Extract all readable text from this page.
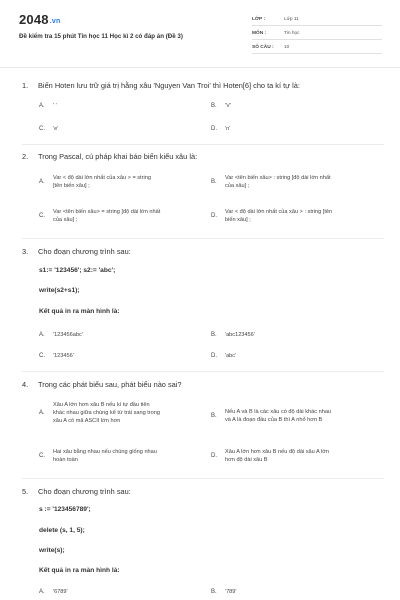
2048.vn
Đề kiểm tra 15 phút Tin học 11 Học kì 2 có đáp án (Đề 3)
LỚP :	Lớp 11
MÔN :	Tin học
SỐ CÂU : 10
1. Biến Hoten lưu trữ giá trị hằng xâu 'Nguyen Van Troi' thì Hoten[6] cho ta kí tự là:
A. ' '	B. 'V'
C. 'e'	D. 'n'
2. Trong Pascal, cú pháp khai báo biến kiểu xâu là:
A.
Var < độ dài lớn nhất của xâu > = string
[tên biến xâu] ;
B.
Var <tên biến xâu> : string [độ dài lớn nhất
của xâu] ;
C.
Var <tên biến xâu> = string [độ dài lớn nhất
của xâu] ;
D.
Var < độ dài lớn nhất của xâu > : string [tên
biến xâu] ;
3. Cho đoạn chương trình sau:
s1:= '123456'; s2:= 'abc';
write(s2+s1);
Kết quả in ra màn hình là:
A. '123456abc'	B. 'abc123456'
C. '123456'	D. 'abc'
4. Trong các phát biểu sau, phát biểu nào sai?
A.
Xâu A lớn hơn xâu B nếu kí tự đầu tiên
khác nhau giữa chúng kể từ trái sang trong
xâu A có mã ASCII lớn hơn
B.
Nếu A và B là các xâu có độ dài khác nhau
và A là đoạn đầu của B thì A nhỏ hơn B
C.
Hai xâu bằng nhau nếu chúng giống nhau
hoàn toàn
D.
Xâu A lớn hơn xâu B nếu độ dài xâu A lớn
hơn độ dài xâu B
5. Cho đoạn chương trình sau:
s := '123456789';
delete (s, 1, 5);
write(s);
Kết quả in ra màn hình là:
A. '6789'	B. '789'
